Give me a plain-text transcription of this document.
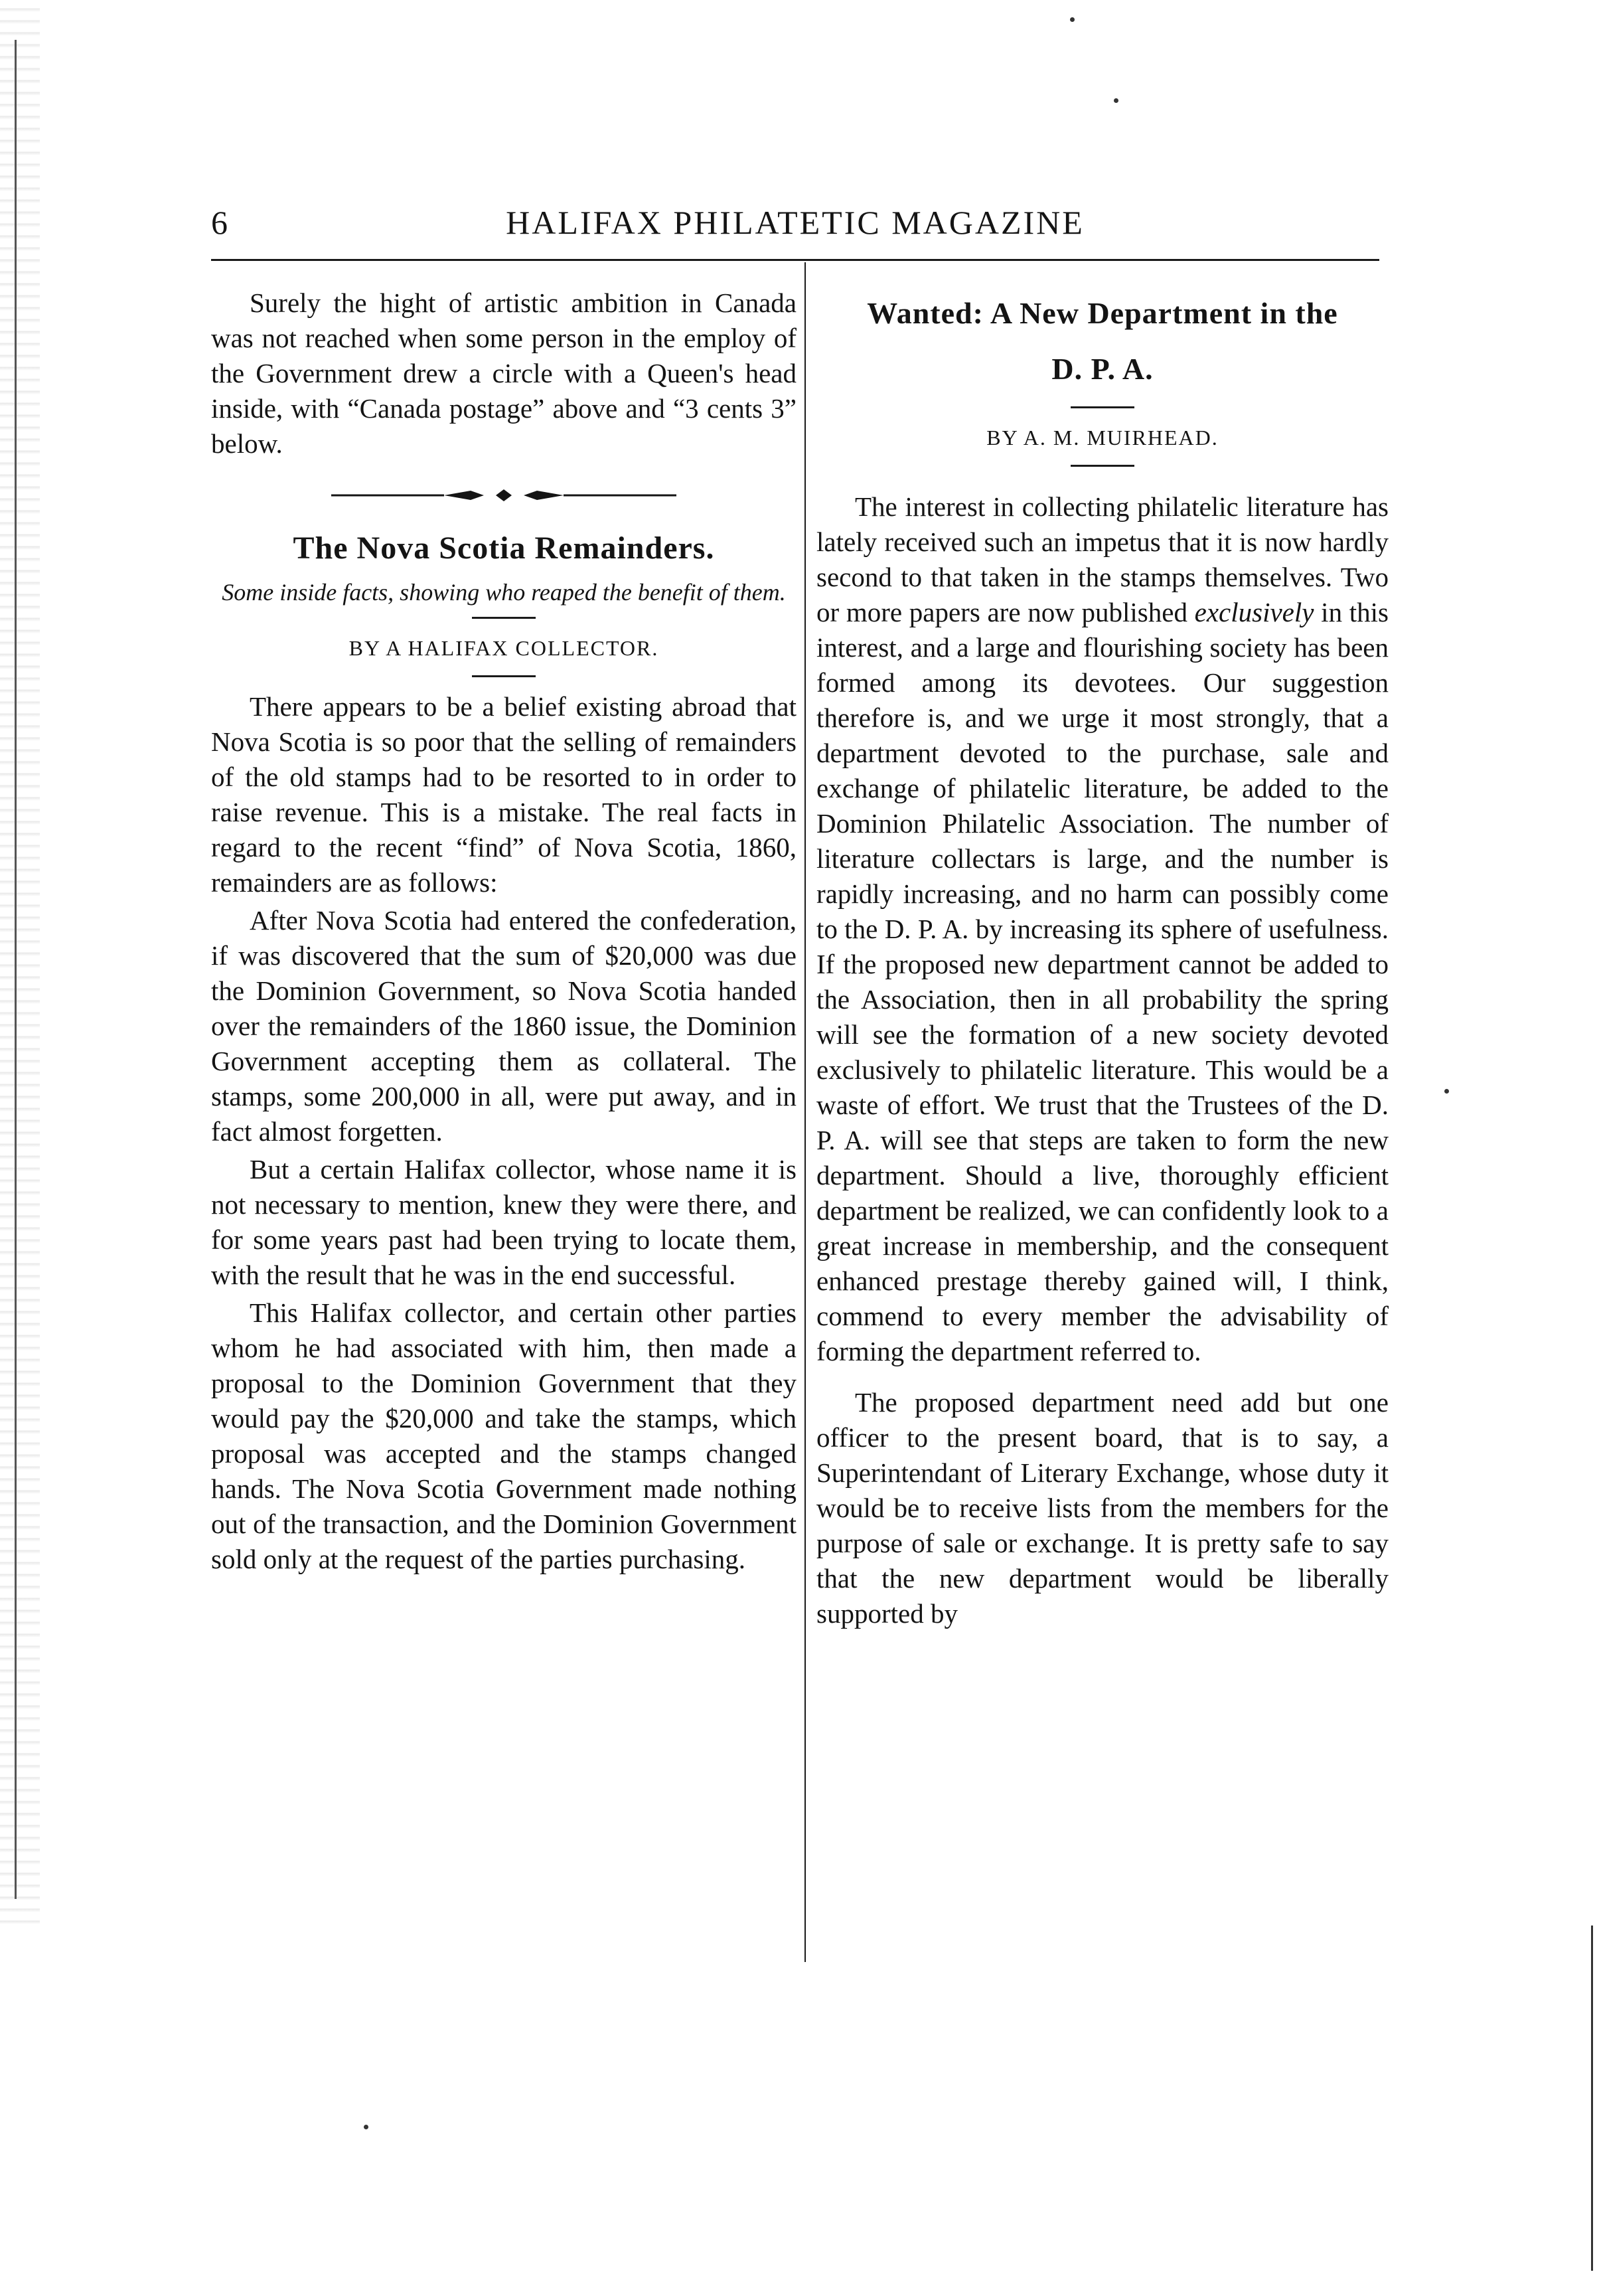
6	HALIFAX PHILATETIC MAGAZINE

Surely the hight of artistic ambition in Canada was not reached when some person in the employ of the Government drew a circle with a Queen's head inside, with “Canada postage” above and “3 cents 3” below.

The Nova Scotia Remainders.
Some inside facts, showing who reaped the benefit of them.
BY A HALIFAX COLLECTOR.

There appears to be a belief existing abroad that Nova Scotia is so poor that the selling of remainders of the old stamps had to be resorted to in order to raise revenue. This is a mistake. The real facts in regard to the recent “find” of Nova Scotia, 1860, remainders are as follows:

After Nova Scotia had entered the confederation, if was discovered that the sum of $20,000 was due the Dominion Government, so Nova Scotia handed over the remainders of the 1860 issue, the Dominion Government accepting them as collateral. The stamps, some 200,000 in all, were put away, and in fact almost forgetten.

But a certain Halifax collector, whose name it is not necessary to mention, knew they were there, and for some years past had been trying to locate them, with the result that he was in the end successful.

This Halifax collector, and certain other parties whom he had associated with him, then made a proposal to the Dominion Government that they would pay the $20,000 and take the stamps, which proposal was accepted and the stamps changed hands. The Nova Scotia Government made nothing out of the transaction, and the Dominion Government sold only at the request of the parties purchasing.

Wanted: A New Department in the
D. P. A.
BY A. M. MUIRHEAD.

The interest in collecting philatelic literature has lately received such an impetus that it is now hardly second to that taken in the stamps themselves. Two or more papers are now published exclusively in this interest, and a large and flourishing society has been formed among its devotees. Our suggestion therefore is, and we urge it most strongly, that a department devoted to the purchase, sale and exchange of philatelic literature, be added to the Dominion Philatelic Association. The number of literature collectars is large, and the number is rapidly increasing, and no harm can possibly come to the D. P. A. by increasing its sphere of usefulness. If the proposed new department cannot be added to the Association, then in all probability the spring will see the formation of a new society devoted exclusively to philatelic literature. This would be a waste of effort. We trust that the Trustees of the D. P. A. will see that steps are taken to form the new department. Should a live, thoroughly efficient department be realized, we can confidently look to a great increase in membership, and the consequent enhanced prestage thereby gained will, I think, commend to every member the advisability of forming the department referred to.

The proposed department need add but one officer to the present board, that is to say, a Superintendant of Literary Exchange, whose duty it would be to receive lists from the members for the purpose of sale or exchange. It is pretty safe to say that the new department would be liberally supported by
